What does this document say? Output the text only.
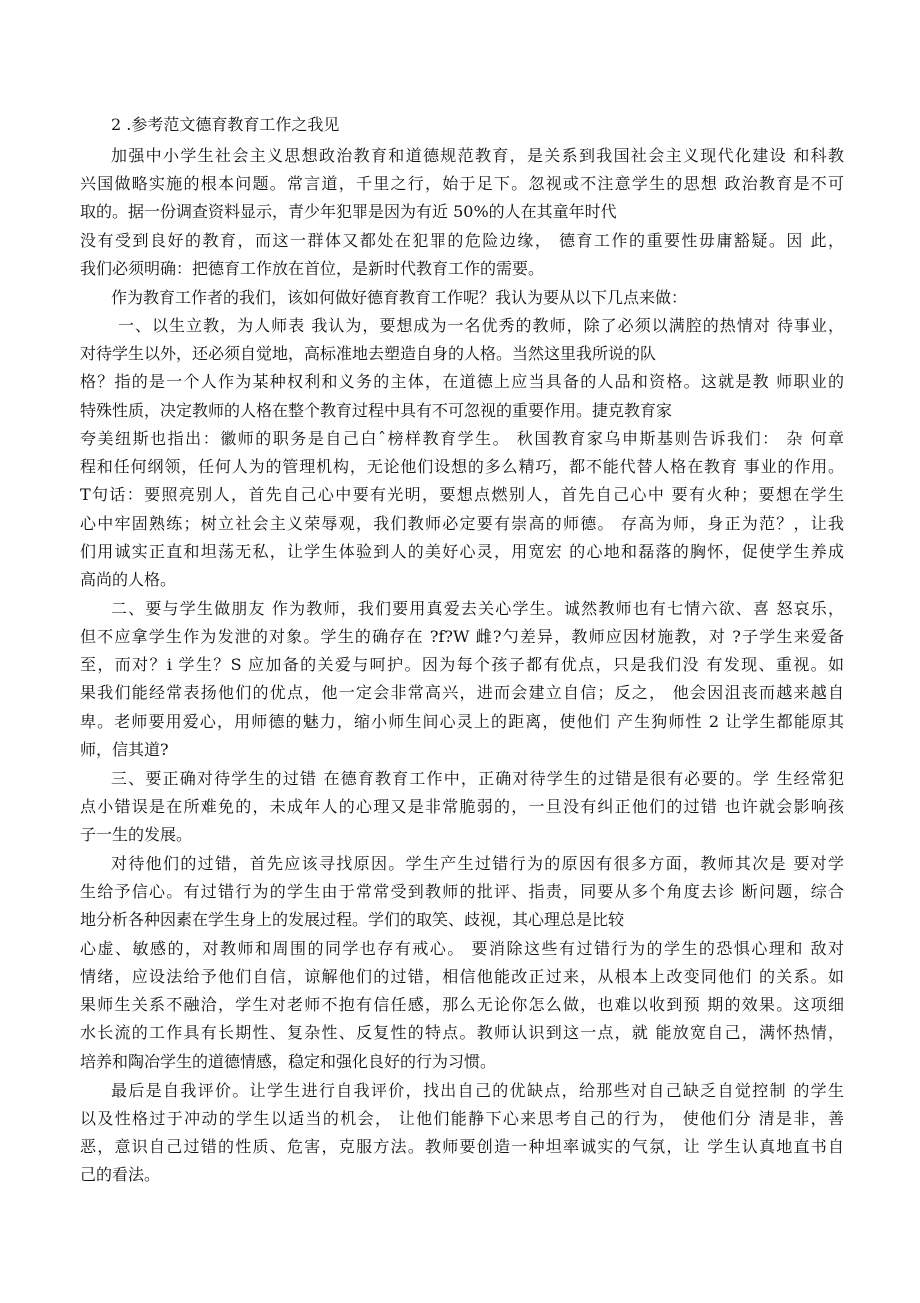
2 .参考范文德育教育工作之我见
加强中小学生社会主义思想政治教育和道德规范教育，是关系到我国社会主义现代化建设 和科教
兴国做略实施的根本问题。常言道，千里之行，始于足下。忽视或不注意学生的思想 政治教育是不可
取的。据一份调查资料显示，青少年犯罪是因为有近 50%的人在其童年时代
没有受到良好的教育，而这一群体又都处在犯罪的危险边缘， 德育工作的重要性毋庸豁疑。因 此，
我们必须明确：把德育工作放在首位，是新时代教育工作的需要。
作为教育工作者的我们，该如何做好德育教育工作呢？我认为要从以下几点来做：
一、以生立教，为人师表 我认为，要想成为一名优秀的教师，除了必须以满腔的热情对 待事业，
对待学生以外，还必须自觉地，高标准地去塑造自身的人格。当然这里我所说的队
格？指的是一个人作为某种权利和义务的主体，在道德上应当具备的人品和资格。这就是教 师职业的
特殊性质，决定教师的人格在整个教育过程中具有不可忽视的重要作用。捷克教育家
夸美纽斯也指出：徽师的职务是自己白ˆ榜样教育学生。 秋国教育家乌申斯基则告诉我们： 杂 何章
程和任何纲领，任何人为的管理机构，无论他们设想的多么精巧，都不能代替人格在教育 事业的作用。
T句话：要照亮别人，首先自己心中要有光明，要想点燃别人，首先自己心中 要有火种；要想在学生
心中牢固熟练；树立社会主义荣辱观，我们教师必定要有崇高的师德。 存高为师，身正为范？，让我
们用诚实正直和坦荡无私，让学生体验到人的美好心灵，用宽宏 的心地和磊落的胸怀，促使学生养成
高尚的人格。
二、要与学生做朋友 作为教师，我们要用真爱去关心学生。诚然教师也有七情六欲、喜 怒哀乐，
但不应拿学生作为发泄的对象。学生的确存在 ?f?W 雌?勺差异，教师应因材施教，对 ?子学生来爱备
至，而对？i 学生？S 应加备的关爱与呵护。因为每个孩子都有优点，只是我们没 有发现、重视。如
果我们能经常表扬他们的优点，他一定会非常高兴，进而会建立自信；反之， 他会因沮丧而越来越自
卑。老师要用爱心，用师德的魅力，缩小师生间心灵上的距离，使他们 产生狗师性 2 让学生都能原其
师，信其道?
三、要正确对待学生的过错 在德育教育工作中，正确对待学生的过错是很有必要的。学 生经常犯
点小错误是在所难免的，未成年人的心理又是非常脆弱的，一旦没有纠正他们的过错 也许就会影响孩
子一生的发展。
对待他们的过错，首先应该寻找原因。学生产生过错行为的原因有很多方面，教师其次是 要对学
生给予信心。有过错行为的学生由于常常受到教师的批评、指责，同要从多个角度去诊 断问题，综合
地分析各种因素在学生身上的发展过程。学们的取笑、歧视，其心理总是比较
心虚、敏感的，对教师和周围的同学也存有戒心。 要消除这些有过错行为的学生的恐惧心理和 敌对
情绪，应设法给予他们自信，谅解他们的过错，相信他能改正过来，从根本上改变同他们 的关系。如
果师生关系不融洽，学生对老师不抱有信任感，那么无论你怎么做，也难以收到预 期的效果。这项细
水长流的工作具有长期性、复杂性、反复性的特点。教师认识到这一点，就 能放宽自己，满怀热情，
培养和陶冶学生的道德情感，稳定和强化良好的行为习惯。
最后是自我评价。让学生进行自我评价，找出自己的优缺点，给那些对自己缺乏自觉控制 的学生
以及性格过于冲动的学生以适当的机会， 让他们能静下心来思考自己的行为， 使他们分 清是非，善
恶，意识自己过错的性质、危害，克服方法。教师要创造一种坦率诚实的气氛，让 学生认真地直书自
己的看法。
